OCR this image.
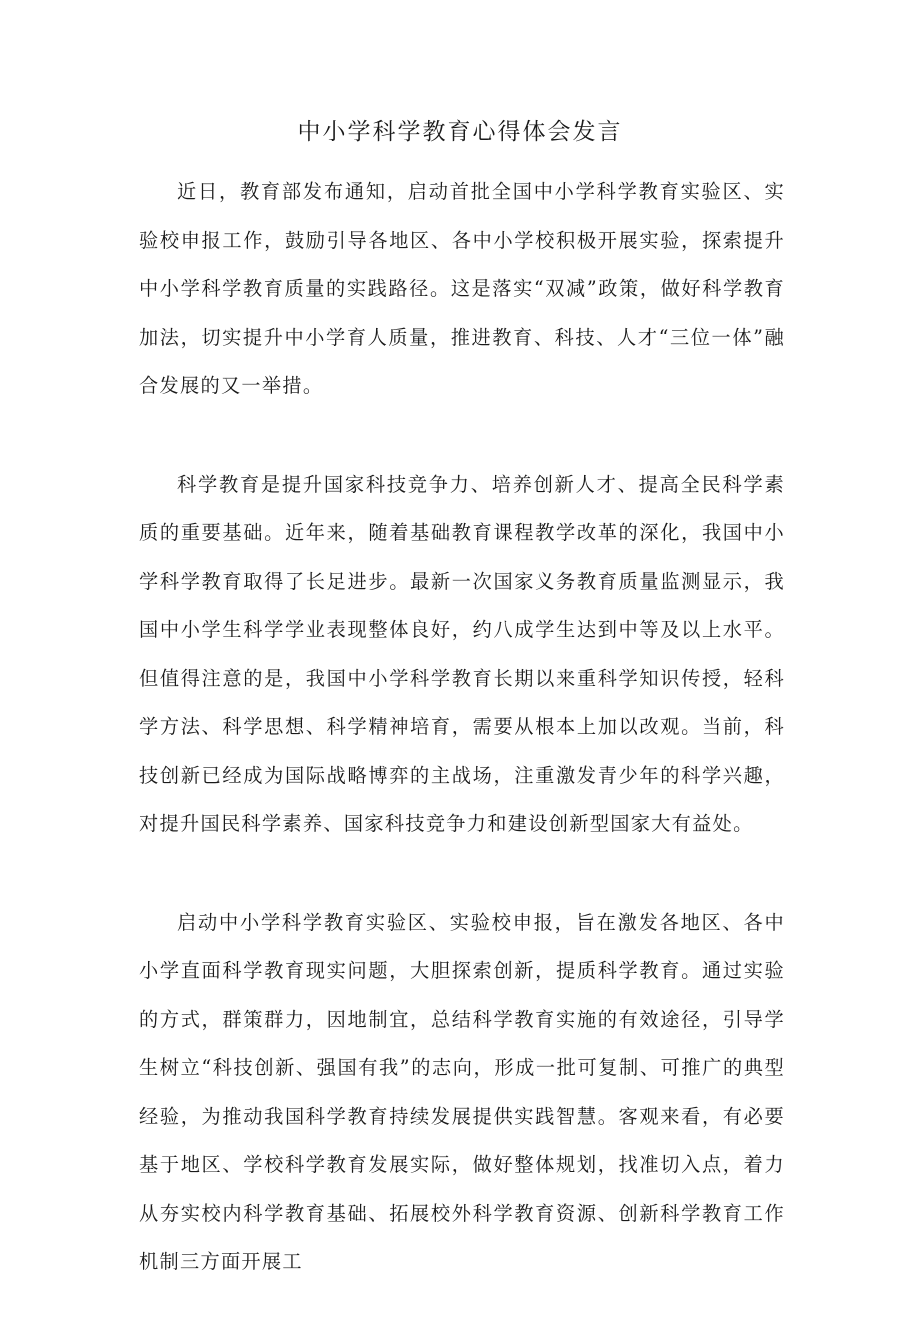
中小学科学教育心得体会发言

近日，教育部发布通知，启动首批全国中小学科学教育实验区、实验校申报工作，鼓励引导各地区、各中小学校积极开展实验，探索提升中小学科学教育质量的实践路径。这是落实“双减”政策，做好科学教育加法，切实提升中小学育人质量，推进教育、科技、人才“三位一体”融合发展的又一举措。

科学教育是提升国家科技竞争力、培养创新人才、提高全民科学素质的重要基础。近年来，随着基础教育课程教学改革的深化，我国中小学科学教育取得了长足进步。最新一次国家义务教育质量监测显示，我国中小学生科学学业表现整体良好，约八成学生达到中等及以上水平。但值得注意的是，我国中小学科学教育长期以来重科学知识传授，轻科学方法、科学思想、科学精神培育，需要从根本上加以改观。当前，科技创新已经成为国际战略博弈的主战场，注重激发青少年的科学兴趣，对提升国民科学素养、国家科技竞争力和建设创新型国家大有益处。

启动中小学科学教育实验区、实验校申报，旨在激发各地区、各中小学直面科学教育现实问题，大胆探索创新，提质科学教育。通过实验的方式，群策群力，因地制宜，总结科学教育实施的有效途径，引导学生树立“科技创新、强国有我”的志向，形成一批可复制、可推广的典型经验，为推动我国科学教育持续发展提供实践智慧。客观来看，有必要基于地区、学校科学教育发展实际，做好整体规划，找准切入点，着力从夯实校内科学教育基础、拓展校外科学教育资源、创新科学教育工作机制三方面开展工
